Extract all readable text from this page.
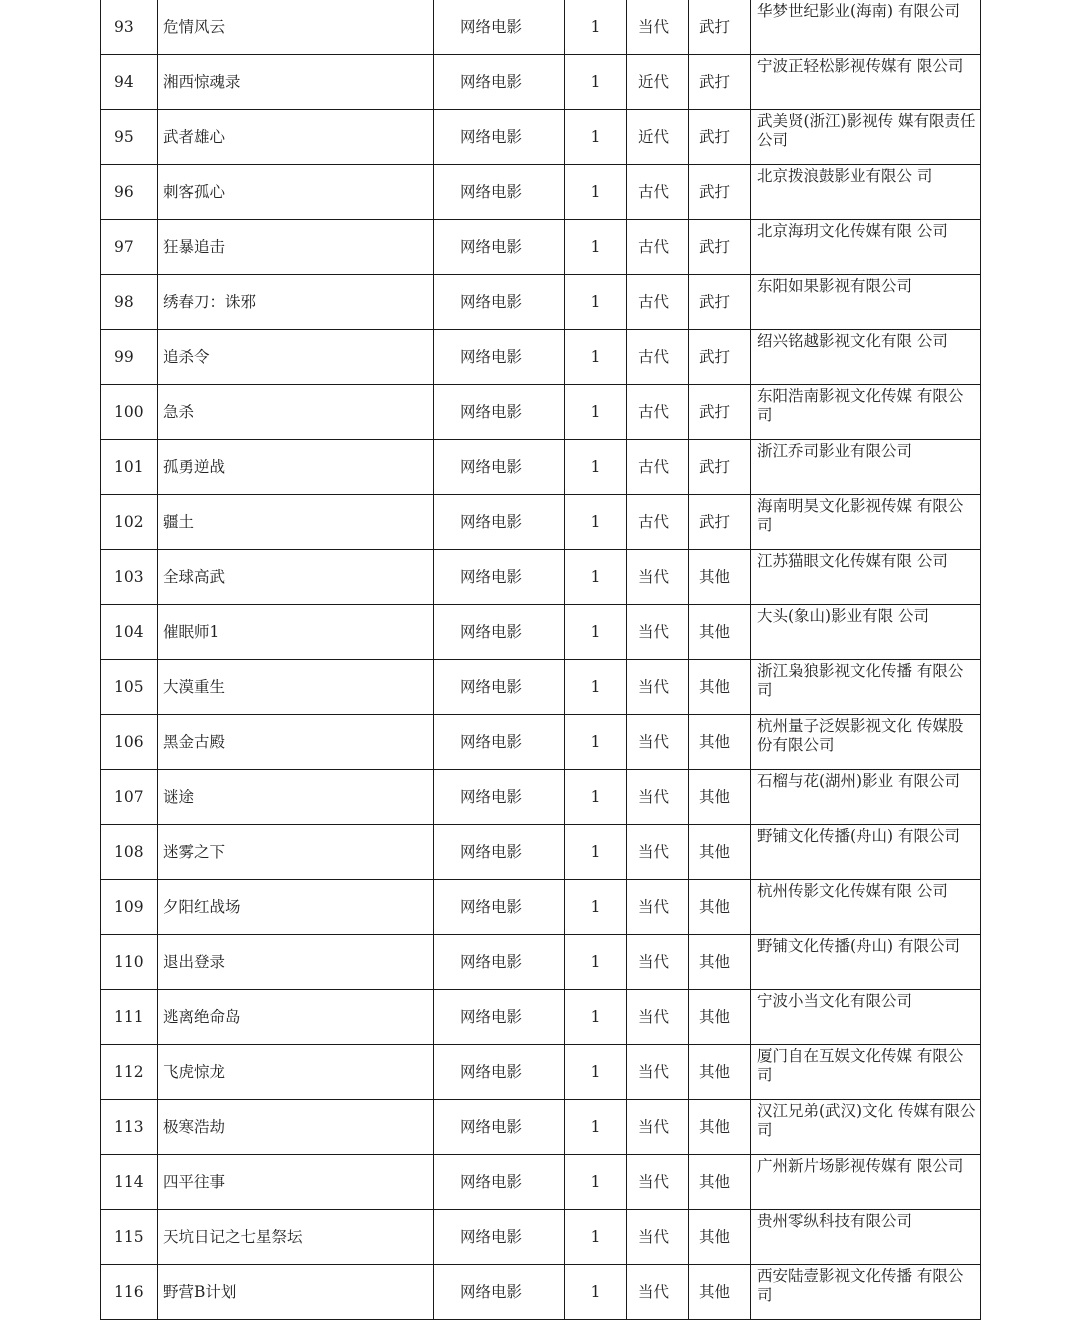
93	危情风云	网络电影	1	当代	武打	华梦世纪影业(海南) 有限公司
94	湘西惊魂录	网络电影	1	近代	武打	宁波正轻松影视传媒有 限公司
95	武者雄心	网络电影	1	近代	武打	武美贤(浙江)影视传 媒有限责任公司
96	刺客孤心	网络电影	1	古代	武打	北京拨浪鼓影业有限公 司
97	狂暴追击	网络电影	1	古代	武打	北京海玥文化传媒有限 公司
98	绣春刀：诛邪	网络电影	1	古代	武打	东阳如果影视有限公司
99	追杀令	网络电影	1	古代	武打	绍兴铭越影视文化有限 公司
100	急杀	网络电影	1	古代	武打	东阳浩南影视文化传媒 有限公司
101	孤勇逆战	网络电影	1	古代	武打	浙江乔司影业有限公司
102	疆土	网络电影	1	古代	武打	海南明昊文化影视传媒 有限公司
103	全球高武	网络电影	1	当代	其他	江苏猫眼文化传媒有限 公司
104	催眠师1	网络电影	1	当代	其他	大头(象山)影业有限 公司
105	大漠重生	网络电影	1	当代	其他	浙江枭狼影视文化传播 有限公司
106	黑金古殿	网络电影	1	当代	其他	杭州量子泛娱影视文化 传媒股份有限公司
107	谜途	网络电影	1	当代	其他	石榴与花(湖州)影业 有限公司
108	迷雾之下	网络电影	1	当代	其他	野铺文化传播(舟山) 有限公司
109	夕阳红战场	网络电影	1	当代	其他	杭州传影文化传媒有限 公司
110	退出登录	网络电影	1	当代	其他	野铺文化传播(舟山) 有限公司
111	逃离绝命岛	网络电影	1	当代	其他	宁波小当文化有限公司
112	飞虎惊龙	网络电影	1	当代	其他	厦门自在互娱文化传媒 有限公司
113	极寒浩劫	网络电影	1	当代	其他	汉江兄弟(武汉)文化 传媒有限公司
114	四平往事	网络电影	1	当代	其他	广州新片场影视传媒有 限公司
115	天坑日记之七星祭坛	网络电影	1	当代	其他	贵州零纵科技有限公司
116	野营B计划	网络电影	1	当代	其他	西安陆壹影视文化传播 有限公司
